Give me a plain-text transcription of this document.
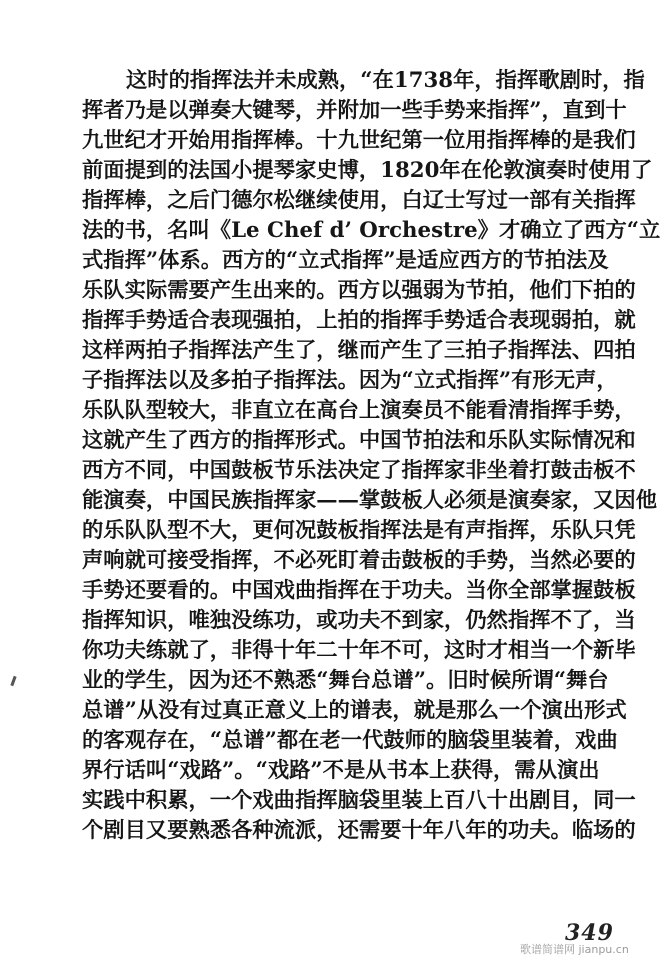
这时的指挥法并未成熟，“在1738年，指挥歌剧时，指
挥者乃是以弹奏大键琴，并附加一些手势来指挥”，直到十
九世纪才开始用指挥棒。十九世纪第一位用指挥棒的是我们
前面提到的法国小提琴家史博，1820年在伦敦演奏时使用了
指挥棒，之后门德尔松继续使用，白辽士写过一部有关指挥
法的书，名叫《Le Chef d’ Orchestre》才确立了西方“立
式指挥”体系。西方的“立式指挥”是适应西方的节拍法及
乐队实际需要产生出来的。西方以强弱为节拍，他们下拍的
指挥手势适合表现强拍，上拍的指挥手势适合表现弱拍，就
这样两拍子指挥法产生了，继而产生了三拍子指挥法、四拍
子指挥法以及多拍子指挥法。因为“立式指挥”有形无声，
乐队队型较大，非直立在高台上演奏员不能看清指挥手势，
这就产生了西方的指挥形式。中国节拍法和乐队实际情况和
西方不同，中国鼓板节乐法决定了指挥家非坐着打鼓击板不
能演奏，中国民族指挥家——掌鼓板人必须是演奏家，又因他
的乐队队型不大，更何况鼓板指挥法是有声指挥，乐队只凭
声响就可接受指挥，不必死盯着击鼓板的手势，当然必要的
手势还要看的。中国戏曲指挥在于功夫。当你全部掌握鼓板
指挥知识，唯独没练功，或功夫不到家，仍然指挥不了，当
你功夫练就了，非得十年二十年不可，这时才相当一个新毕
业的学生，因为还不熟悉“舞台总谱”。旧时候所谓“舞台
总谱”从没有过真正意义上的谱表，就是那么一个演出形式
的客观存在，“总谱”都在老一代鼓师的脑袋里装着，戏曲
界行话叫“戏路”。“戏路”不是从书本上获得，需从演出
实践中积累，一个戏曲指挥脑袋里装上百八十出剧目，同一
个剧目又要熟悉各种流派，还需要十年八年的功夫。临场的
349
歌谱简谱网 jianpu.cn
